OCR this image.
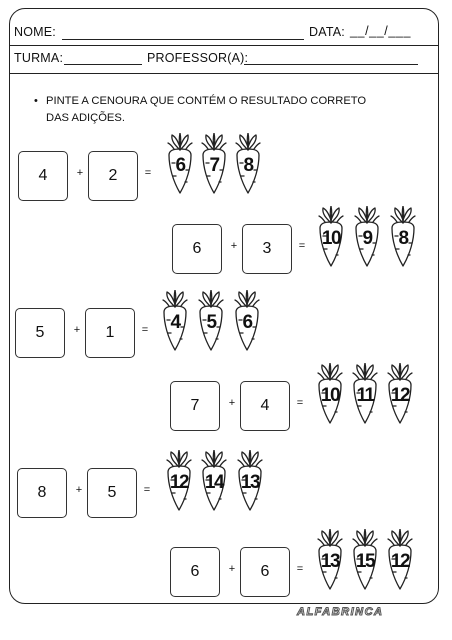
NOME:	DATA: __/__/___
TURMA:	PROFESSOR(A):
• PINTE A CENOURA QUE CONTÉM O RESULTADO CORRETO
DAS ADIÇÕES.
4	+ 2 =	6	7	8
6	+ 3 = 10	9	8
5	+ 1 =	4	5	6
7	+ 4 = 10 11 12
8	+ 5 =	12 14 13
6	+ 6 = 13 15 12
ALFABRINCA
